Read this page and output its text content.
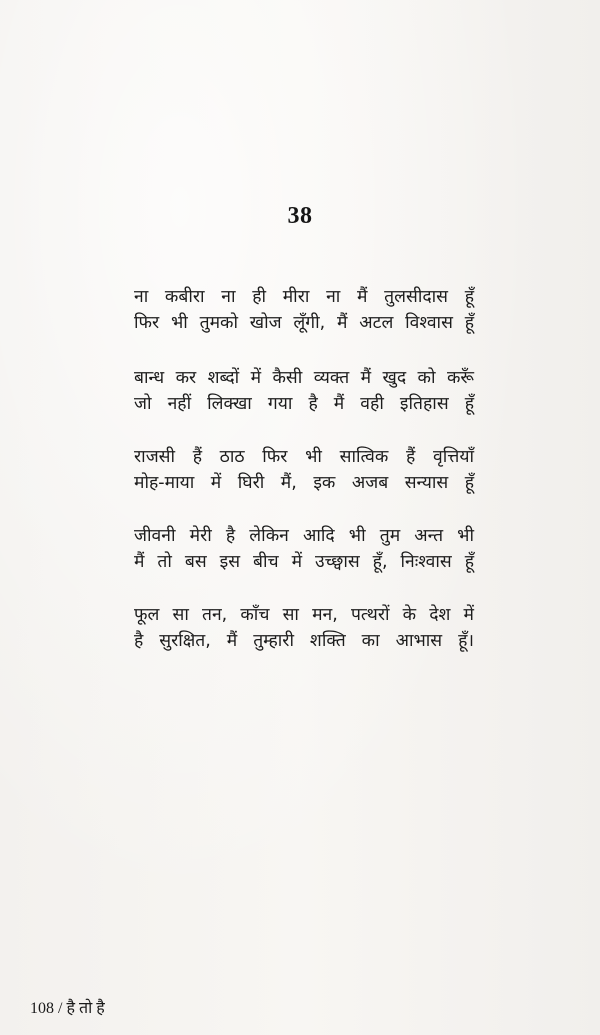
38
ना कबीरा ना ही मीरा ना मैं तुलसीदास हूँ
फिर भी तुमको खोज लूँगी, मैं अटल विश्वास हूँ
बान्ध कर शब्दों में कैसी व्यक्त मैं खुद को करूँ
जो नहीं लिक्खा गया है मैं वही इतिहास हूँ
राजसी हैं ठाठ फिर भी सात्विक हैं वृत्तियाँ
मोह-माया में घिरी मैं, इक अजब सन्यास हूँ
जीवनी मेरी है लेकिन आदि भी तुम अन्त भी
मैं तो बस इस बीच में उच्छ्वास हूँ, निःश्वास हूँ
फूल सा तन, काँच सा मन, पत्थरों के देश में
है सुरक्षित, मैं तुम्हारी शक्ति का आभास हूँ।
108 / है तो है
